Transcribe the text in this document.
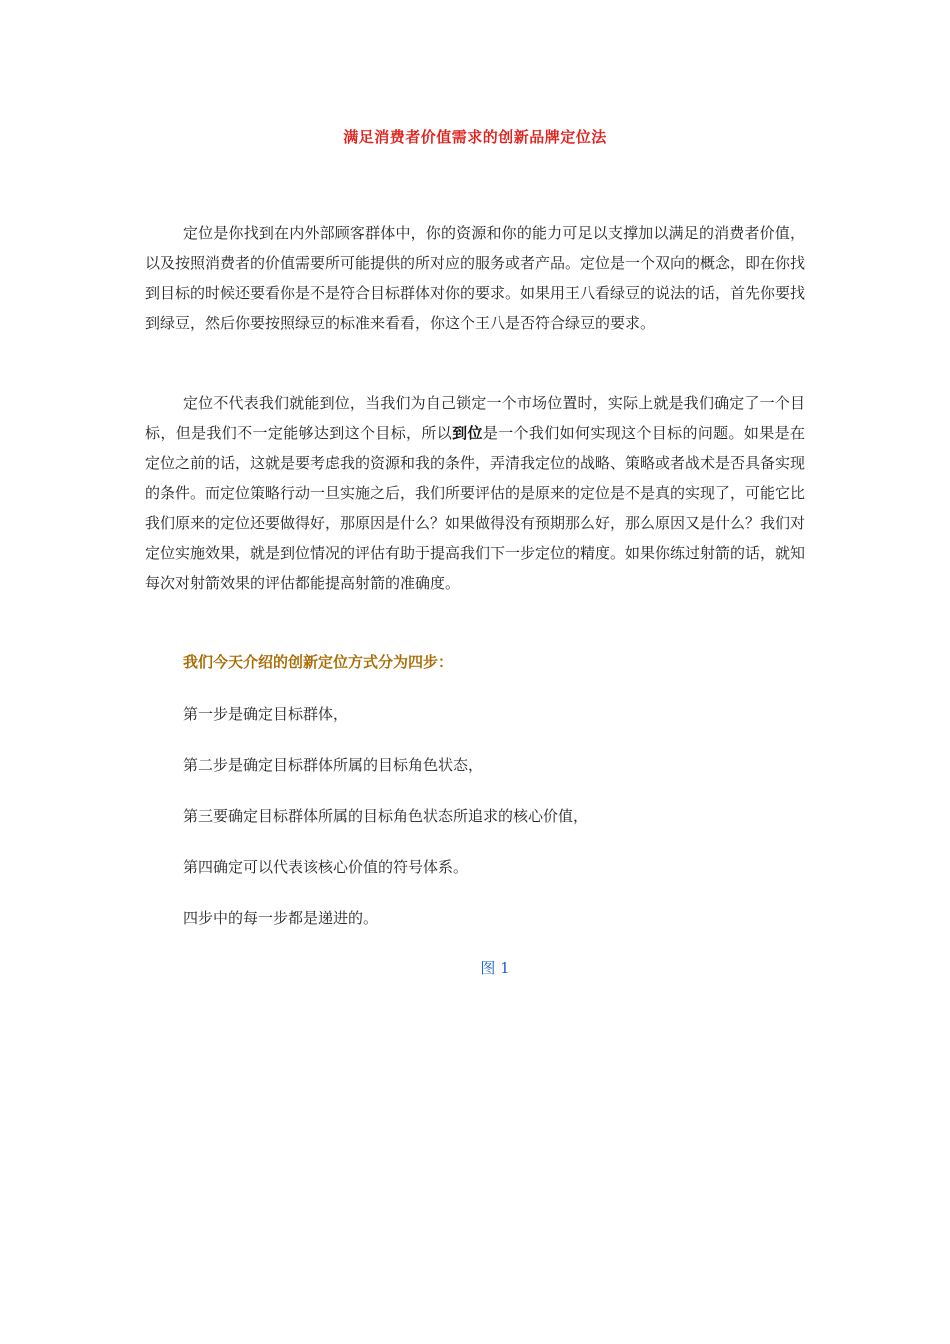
满足消费者价值需求的创新品牌定位法

定位是你找到在内外部顾客群体中，你的资源和你的能力可足以支撑加以满足的消费者价值，以及按照消费者的价值需要所可能提供的所对应的服务或者产品。定位是一个双向的概念，即在你找到目标的时候还要看你是不是符合目标群体对你的要求。如果用王八看绿豆的说法的话，首先你要找到绿豆，然后你要按照绿豆的标准来看看，你这个王八是否符合绿豆的要求。

定位不代表我们就能到位，当我们为自己锁定一个市场位置时，实际上就是我们确定了一个目标，但是我们不一定能够达到这个目标，所以到位是一个我们如何实现这个目标的问题。如果是在定位之前的话，这就是要考虑我的资源和我的条件，弄清我定位的战略、策略或者战术是否具备实现的条件。而定位策略行动一旦实施之后，我们所要评估的是原来的定位是不是真的实现了，可能它比我们原来的定位还要做得好，那原因是什么？如果做得没有预期那么好，那么原因又是什么？我们对定位实施效果，就是到位情况的评估有助于提高我们下一步定位的精度。如果你练过射箭的话，就知每次对射箭效果的评估都能提高射箭的准确度。

我们今天介绍的创新定位方式分为四步：

第一步是确定目标群体，

第二步是确定目标群体所属的目标角色状态，

第三要确定目标群体所属的目标角色状态所追求的核心价值，

第四确定可以代表该核心价值的符号体系。

四步中的每一步都是递进的。

图 1
